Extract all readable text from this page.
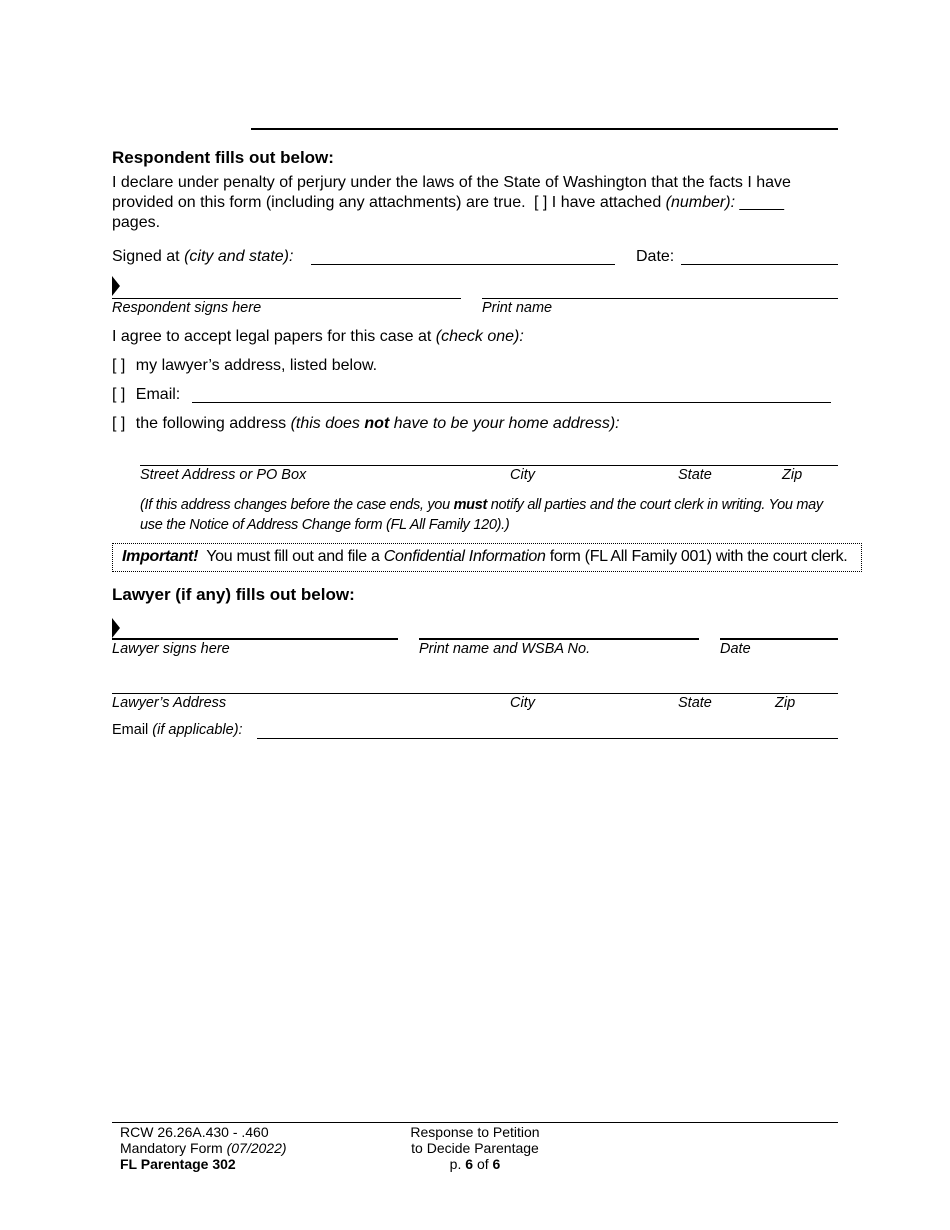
Respondent fills out below:
I declare under penalty of perjury under the laws of the State of Washington that the facts I have
provided on this form (including any attachments) are true. [ ] I have attached (number): _____
pages.
Signed at (city and state):	Date:
Respondent signs here	Print name
I agree to accept legal papers for this case at (check one):
[ ] my lawyer’s address, listed below.
[ ] Email:
[ ] the following address (this does not have to be your home address):
Street Address or PO Box	City	State	Zip
(If this address changes before the case ends, you must notify all parties and the court clerk in writing. You may
use the Notice of Address Change form (FL All Family 120).)
Important! You must fill out and file a Confidential Information form (FL All Family 001) with the court clerk.
Lawyer (if any) fills out below:
Lawyer signs here	Print name and WSBA No.	Date
Lawyer’s Address	City	State	Zip
Email (if applicable):
RCW 26.26A.430 - .460
Mandatory Form (07/2022)
FL Parentage 302
Response to Petition
to Decide Parentage
p. 6 of 6
